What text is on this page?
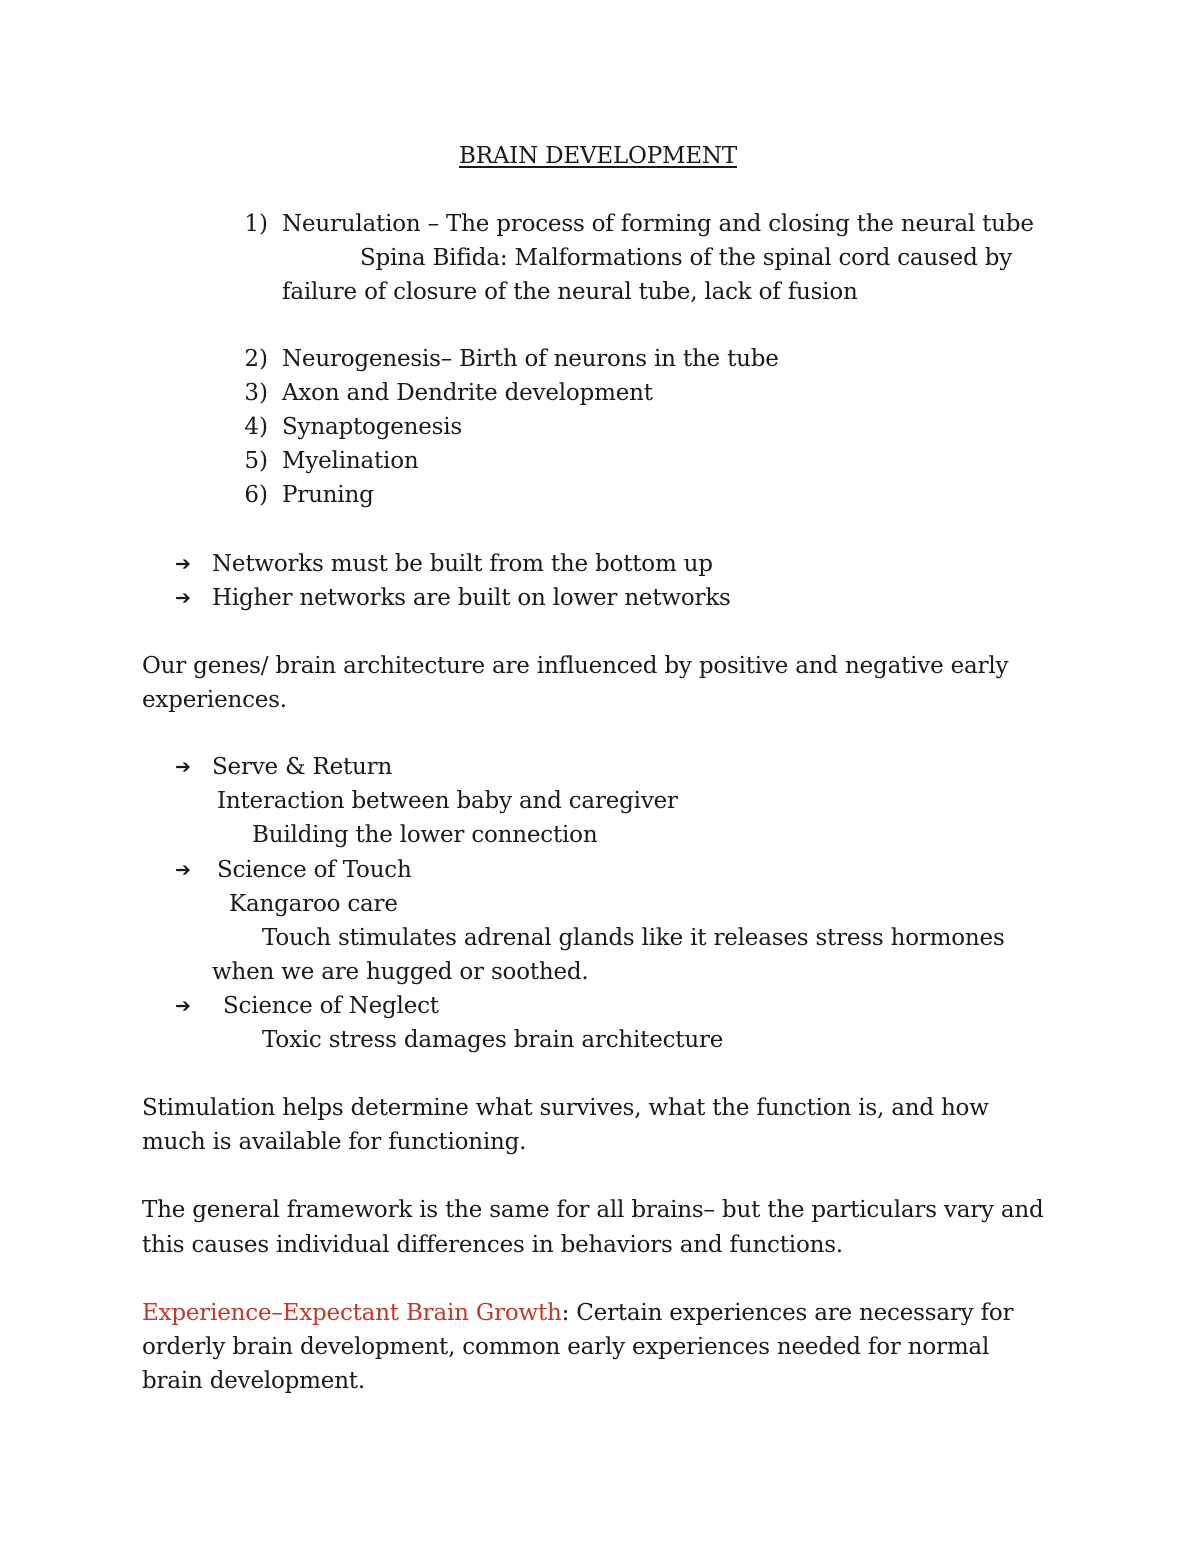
BRAIN DEVELOPMENT
1) Neurulation – The process of forming and closing the neural tube
Spina Bifida: Malformations of the spinal cord caused by
failure of closure of the neural tube, lack of fusion
2) Neurogenesis– Birth of neurons in the tube
3) Axon and Dendrite development
4) Synaptogenesis
5) Myelination
6) Pruning
➔ Networks must be built from the bottom up
➔ Higher networks are built on lower networks
Our genes/ brain architecture are influenced by positive and negative early
experiences.
➔ Serve & Return
Interaction between baby and caregiver
Building the lower connection
➔ Science of Touch
Kangaroo care
Touch stimulates adrenal glands like it releases stress hormones
when we are hugged or soothed.
➔ Science of Neglect
Toxic stress damages brain architecture
Stimulation helps determine what survives, what the function is, and how
much is available for functioning.
The general framework is the same for all brains– but the particulars vary and
this causes individual differences in behaviors and functions.
Experience–Expectant Brain Growth: Certain experiences are necessary for
orderly brain development, common early experiences needed for normal
brain development.
